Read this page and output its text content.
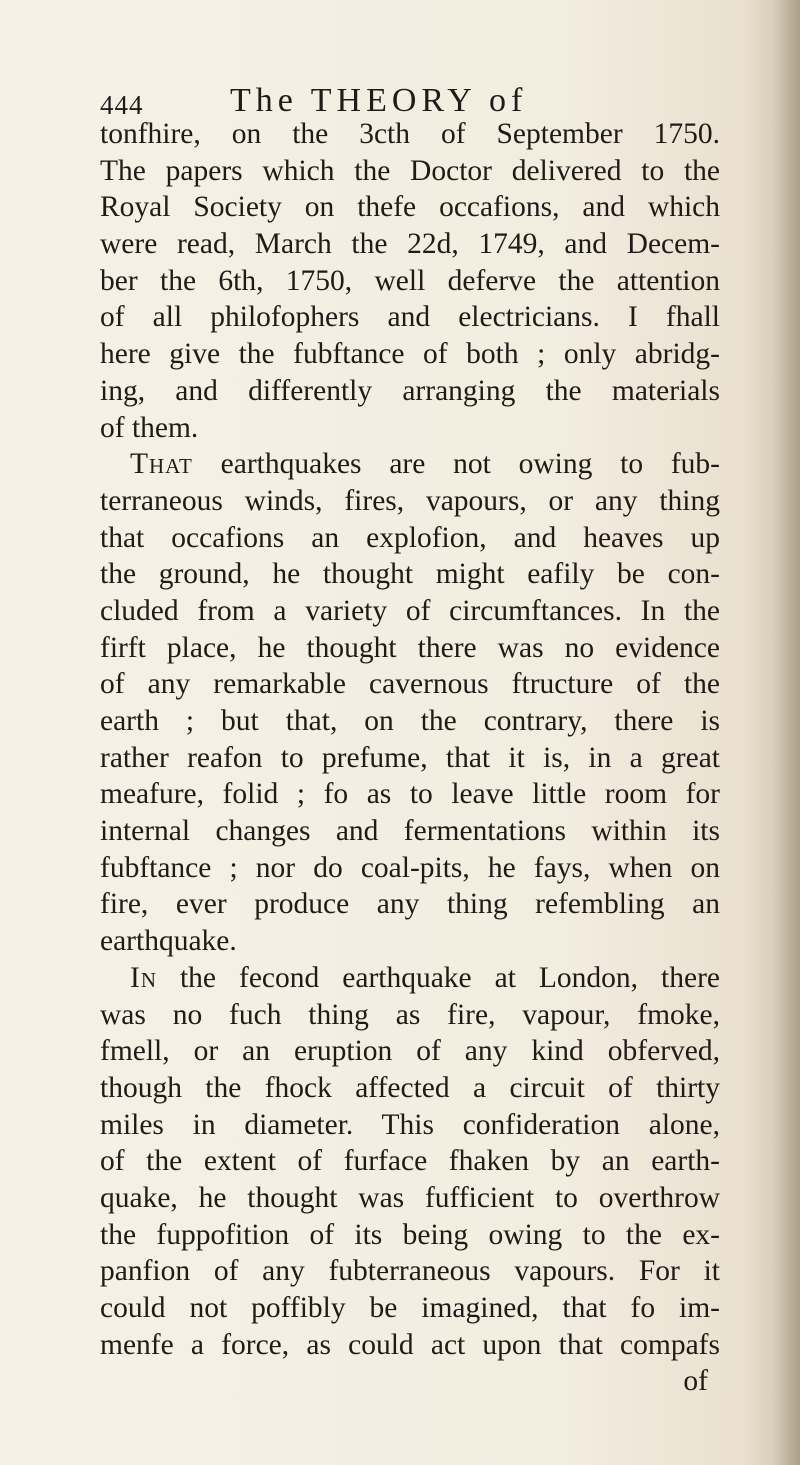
444	The THEORY of
tonfhire, on the 3cth of September 1750.
The papers which the Doctor delivered to the
Royal Society on thefe occafions, and which
were read, March the 22d, 1749, and Decem-
ber the 6th, 1750, well deferve the attention
of all philofophers and electricians. I fhall
here give the fubftance of both ; only abridg-
ing, and differently arranging the materials
of them.
That earthquakes are not owing to fub-
terraneous winds, fires, vapours, or any thing
that occafions an explofion, and heaves up
the ground, he thought might eafily be con-
cluded from a variety of circumftances. In the
firft place, he thought there was no evidence
of any remarkable cavernous ftructure of the
earth ; but that, on the contrary, there is
rather reafon to prefume, that it is, in a great
meafure, folid ; fo as to leave little room for
internal changes and fermentations within its
fubftance ; nor do coal-pits, he fays, when on
fire, ever produce any thing refembling an
earthquake.
In the fecond earthquake at London, there
was no fuch thing as fire, vapour, fmoke,
fmell, or an eruption of any kind obferved,
though the fhock affected a circuit of thirty
miles in diameter. This confideration alone,
of the extent of furface fhaken by an earth-
quake, he thought was fufficient to overthrow
the fuppofition of its being owing to the ex-
panfion of any fubterraneous vapours. For it
could not poffibly be imagined, that fo im-
menfe a force, as could act upon that compafs
of
